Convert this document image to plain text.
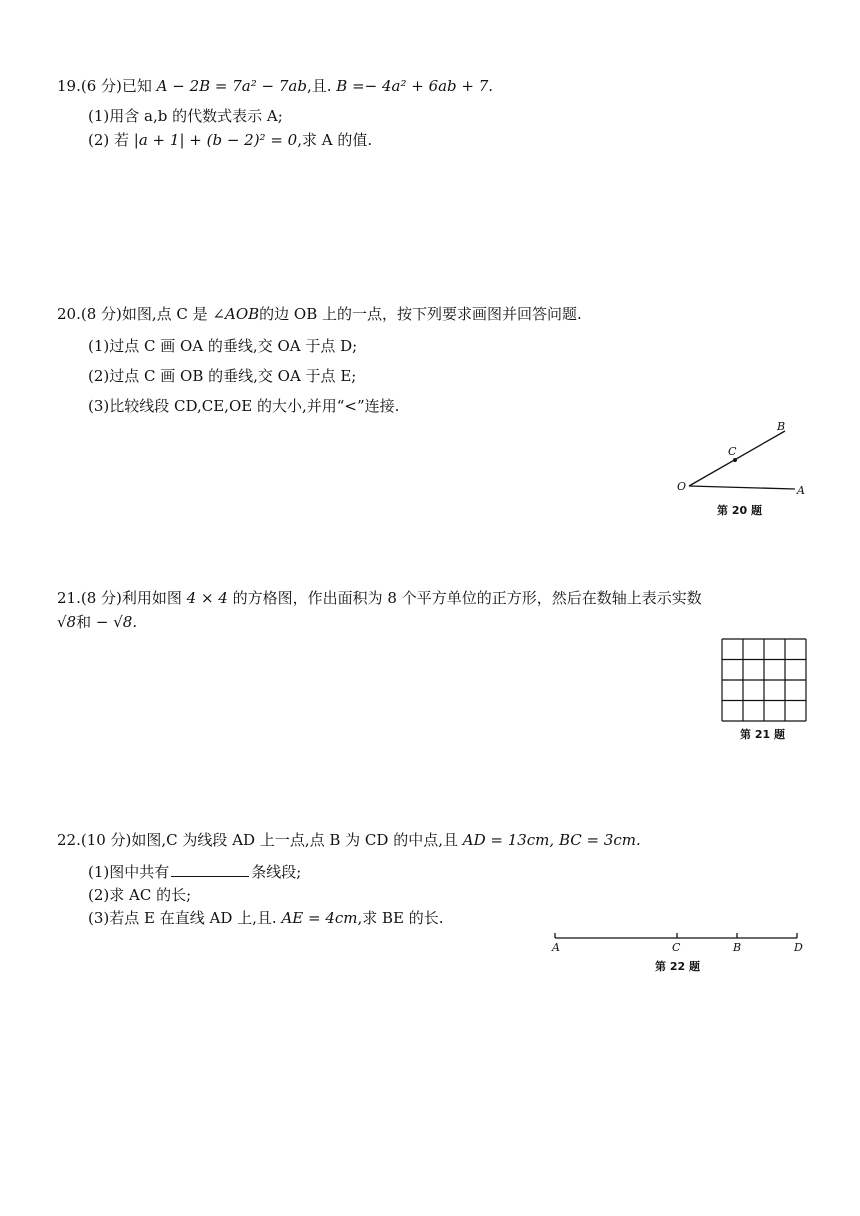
19.(6 分)已知 A − 2B = 7a² − 7ab,且. B =− 4a² + 6ab + 7.
(1)用含 a,b 的代数式表示 A;
(2) 若 |a + 1| + (b − 2)² = 0,求 A 的值.
20.(8 分)如图,点 C 是 ∠AOB的边 OB 上的一点，按下列要求画图并回答问题.
(1)过点 C 画 OA 的垂线,交 OA 于点 D;
(2)过点 C 画 OB 的垂线,交 OA 于点 E;
(3)比较线段 CD,CE,OE 的大小,并用“<”连接.
O	A
B
C
第 20 题
21.(8 分)利用如图 4 × 4 的方格图，作出面积为 8 个平方单位的正方形，然后在数轴上表示实数
√8和 − √8.
第 21 题
22.(10 分)如图,C 为线段 AD 上一点,点 B 为 CD 的中点,且 AD = 13cm, BC = 3cm.
(1)图中共有	条线段;
(2)求 AC 的长;
(3)若点 E 在直线 AD 上,且. AE = 4cm,求 BE 的长.
A	C	B	D
第 22 题
